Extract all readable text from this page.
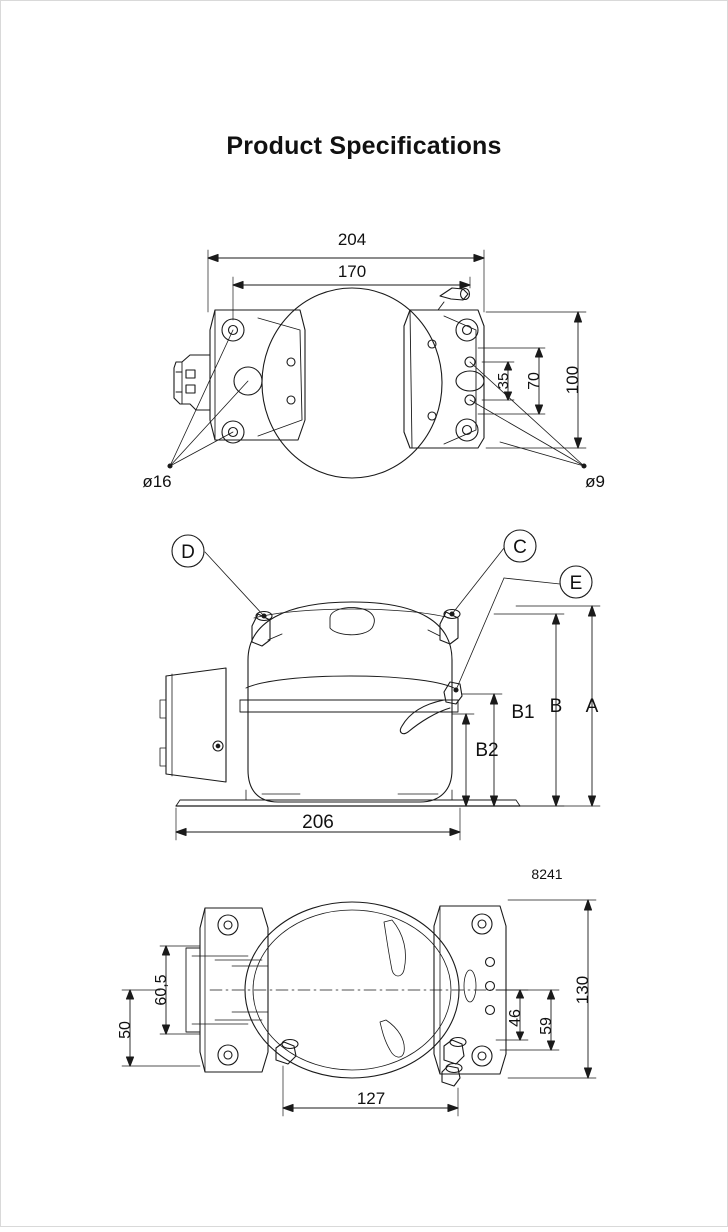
Product Specifications
204
170
100
70
35
ø16	ø9
D	C
E
A
B
B1
B2
206
8241
130
59
46
60,5
50
127
